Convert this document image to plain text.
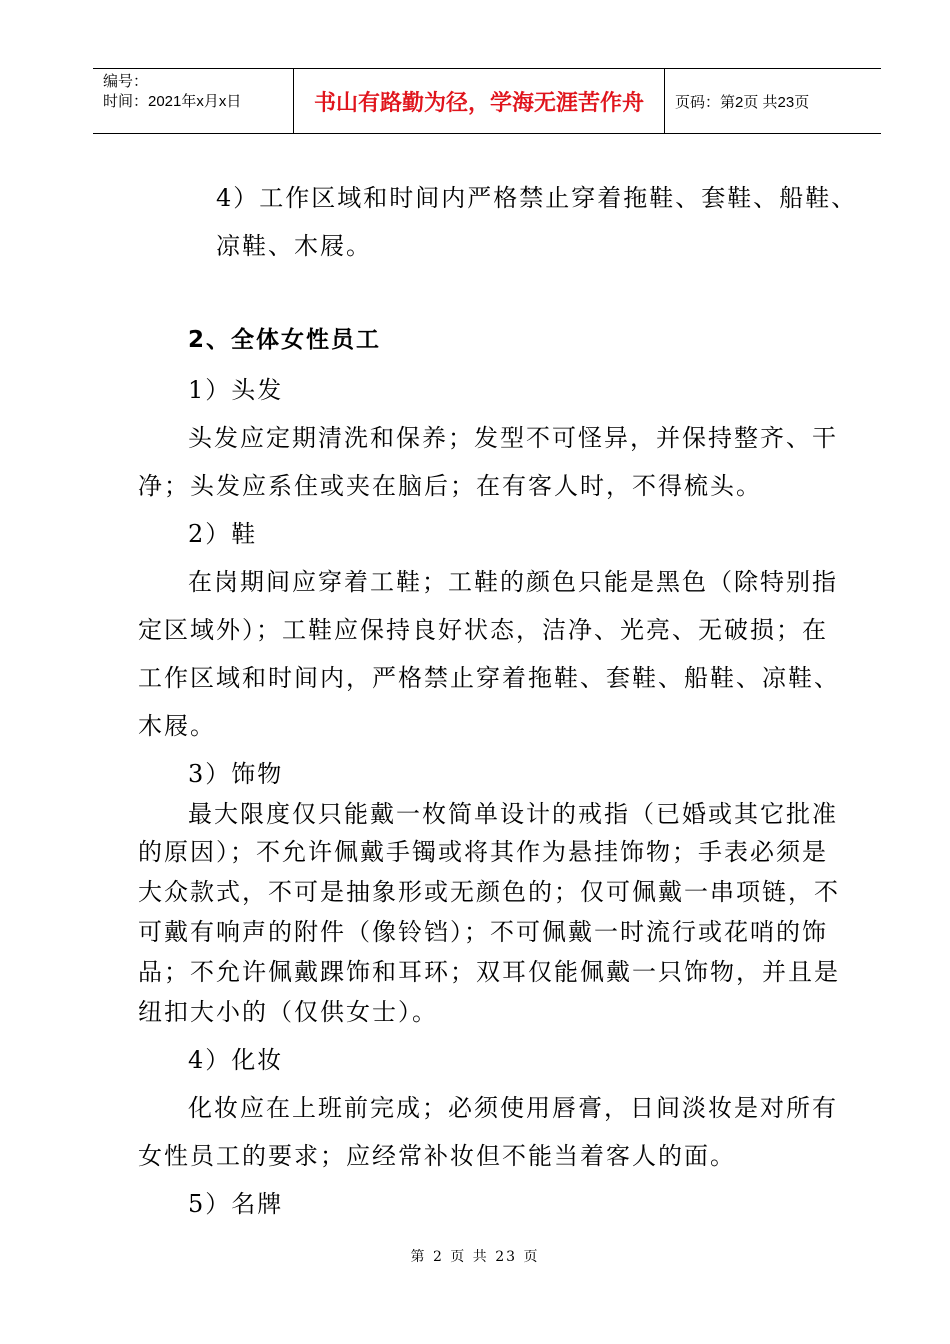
编号：
时间：2021年x月x日	书山有路勤为径，学海无涯苦作舟	页码：第2页 共23页
4）工作区域和时间内严格禁止穿着拖鞋、套鞋、船鞋、
凉鞋、木屐。
2、全体女性员工
1）头发
头发应定期清洗和保养；发型不可怪异，并保持整齐、干
净；头发应系住或夹在脑后；在有客人时，不得梳头。
2）鞋
在岗期间应穿着工鞋；工鞋的颜色只能是黑色（除特别指
定区域外）；工鞋应保持良好状态，洁净、光亮、无破损；在
工作区域和时间内，严格禁止穿着拖鞋、套鞋、船鞋、凉鞋、
木屐。
3）饰物
最大限度仅只能戴一枚简单设计的戒指（已婚或其它批准
的原因）；不允许佩戴手镯或将其作为悬挂饰物；手表必须是
大众款式，不可是抽象形或无颜色的；仅可佩戴一串项链，不
可戴有响声的附件（像铃铛）；不可佩戴一时流行或花哨的饰
品；不允许佩戴踝饰和耳环；双耳仅能佩戴一只饰物，并且是
纽扣大小的（仅供女士）。
4）化妆
化妆应在上班前完成；必须使用唇膏，日间淡妆是对所有
女性员工的要求；应经常补妆但不能当着客人的面。
5）名牌
第 2 页 共 23 页
